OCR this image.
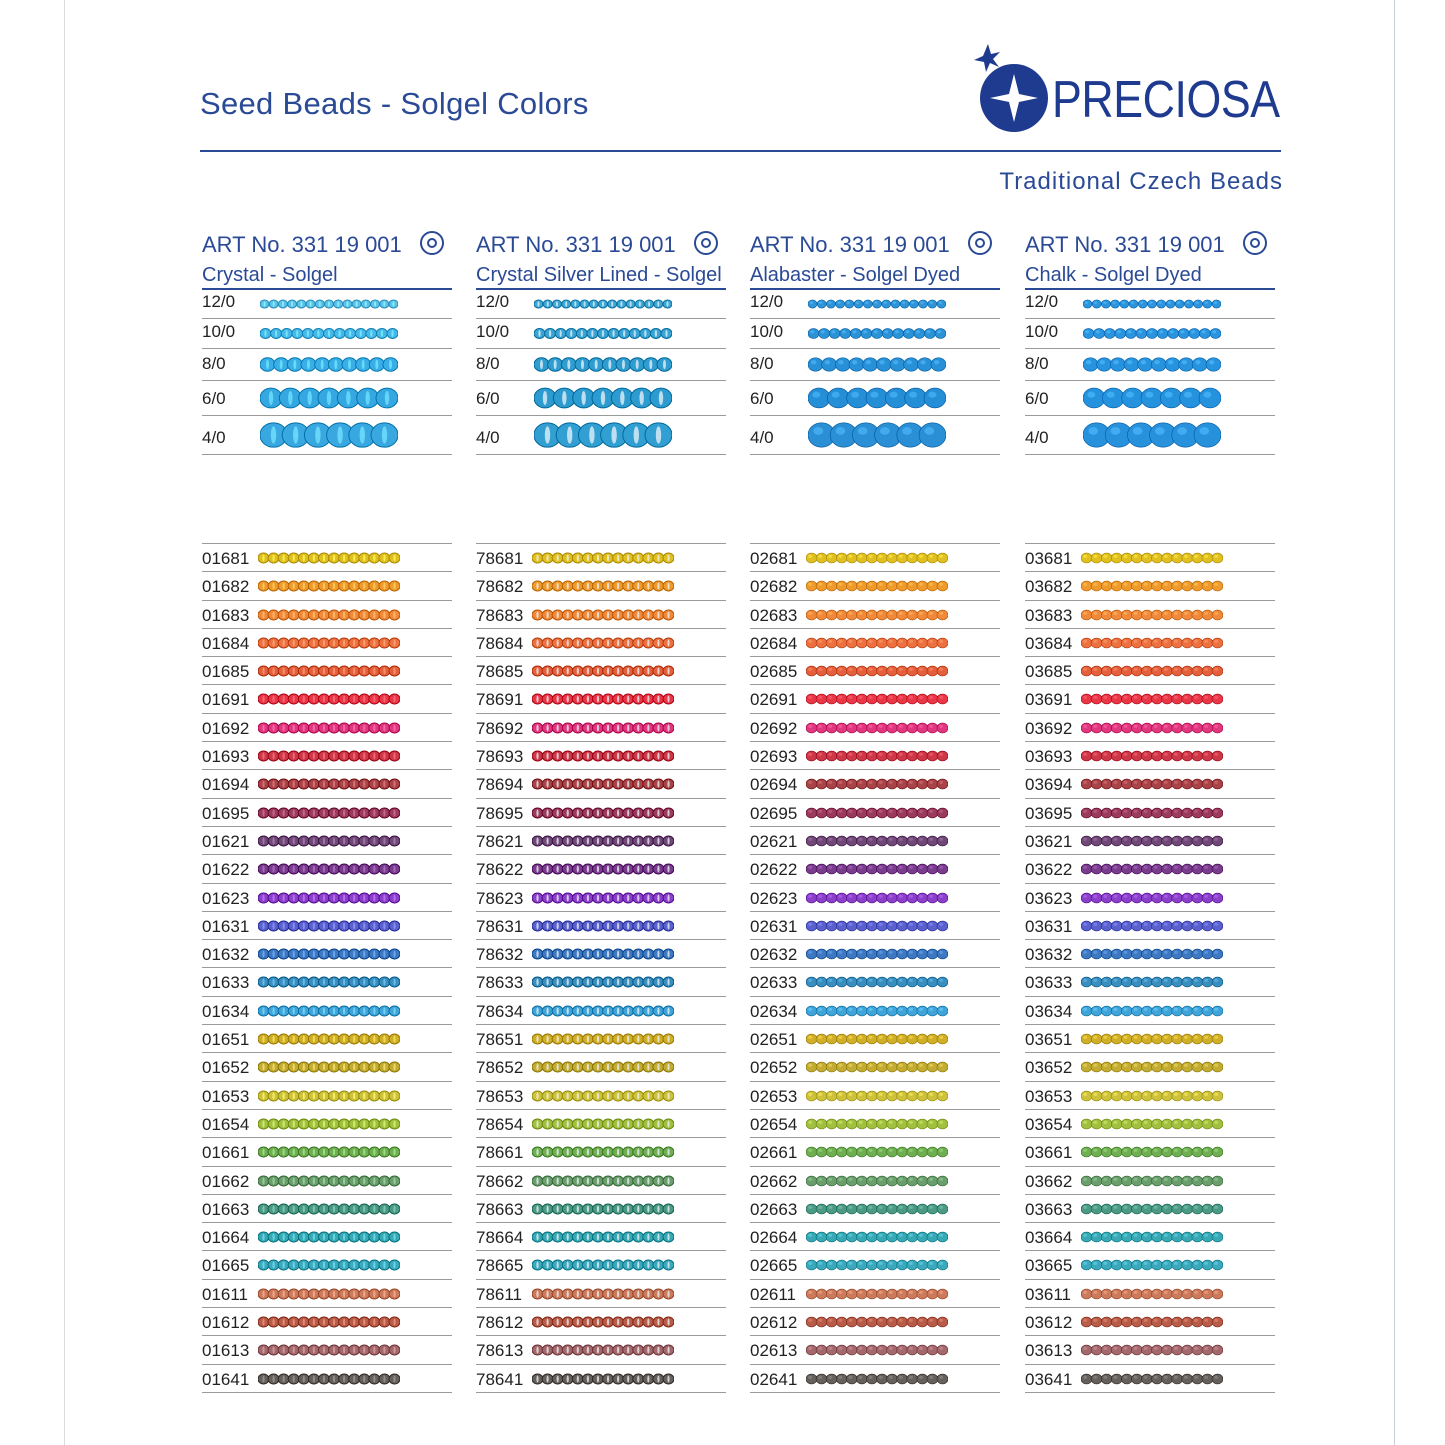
Seed Beads - Solgel Colors	PRECIOSA
Traditional Czech Beads
ART No. 331 19 001
Crystal - Solgel
12/0
10/0
8/0
6/0
4/0
01681
01682
01683
01684
01685
01691
01692
01693
01694
01695
01621
01622
01623
01631
01632
01633
01634
01651
01652
01653
01654
01661
01662
01663
01664
01665
01611
01612
01613
01641
ART No. 331 19 001
Crystal Silver Lined - Solgel
12/0
10/0
8/0
6/0
4/0
78681
78682
78683
78684
78685
78691
78692
78693
78694
78695
78621
78622
78623
78631
78632
78633
78634
78651
78652
78653
78654
78661
78662
78663
78664
78665
78611
78612
78613
78641
ART No. 331 19 001
Alabaster - Solgel Dyed
12/0
10/0
8/0
6/0
4/0
02681
02682
02683
02684
02685
02691
02692
02693
02694
02695
02621
02622
02623
02631
02632
02633
02634
02651
02652
02653
02654
02661
02662
02663
02664
02665
02611
02612
02613
02641
ART No. 331 19 001
Chalk - Solgel Dyed
12/0
10/0
8/0
6/0
4/0
03681
03682
03683
03684
03685
03691
03692
03693
03694
03695
03621
03622
03623
03631
03632
03633
03634
03651
03652
03653
03654
03661
03662
03663
03664
03665
03611
03612
03613
03641
